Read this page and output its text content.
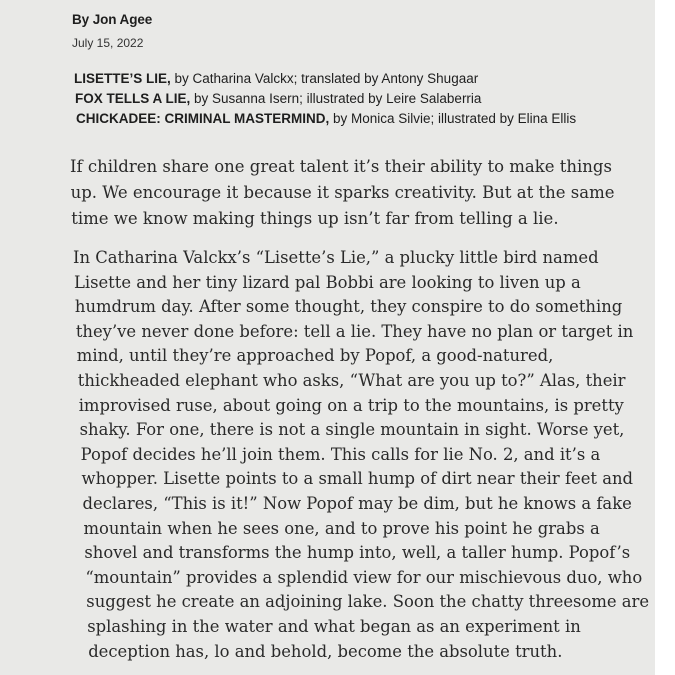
By Jon Agee
July 15, 2022
LISETTE’S LIE, by Catharina Valckx; translated by Antony Shugaar
FOX TELLS A LIE, by Susanna Isern; illustrated by Leire Salaberria
CHICKADEE: CRIMINAL MASTERMIND, by Monica Silvie; illustrated by Elina Ellis

If children share one great talent it’s their ability to make things
up. We encourage it because it sparks creativity. But at the same
time we know making things up isn’t far from telling a lie.

In Catharina Valckx’s “Lisette’s Lie,” a plucky little bird named
Lisette and her tiny lizard pal Bobbi are looking to liven up a
humdrum day. After some thought, they conspire to do something
they’ve never done before: tell a lie. They have no plan or target in
mind, until they’re approached by Popof, a good-natured,
thickheaded elephant who asks, “What are you up to?” Alas, their
improvised ruse, about going on a trip to the mountains, is pretty
shaky. For one, there is not a single mountain in sight. Worse yet,
Popof decides he’ll join them. This calls for lie No. 2, and it’s a
whopper. Lisette points to a small hump of dirt near their feet and
declares, “This is it!” Now Popof may be dim, but he knows a fake
mountain when he sees one, and to prove his point he grabs a
shovel and transforms the hump into, well, a taller hump. Popof’s
“mountain” provides a splendid view for our mischievous duo, who
suggest he create an adjoining lake. Soon the chatty threesome are
splashing in the water and what began as an experiment in
deception has, lo and behold, become the absolute truth.
